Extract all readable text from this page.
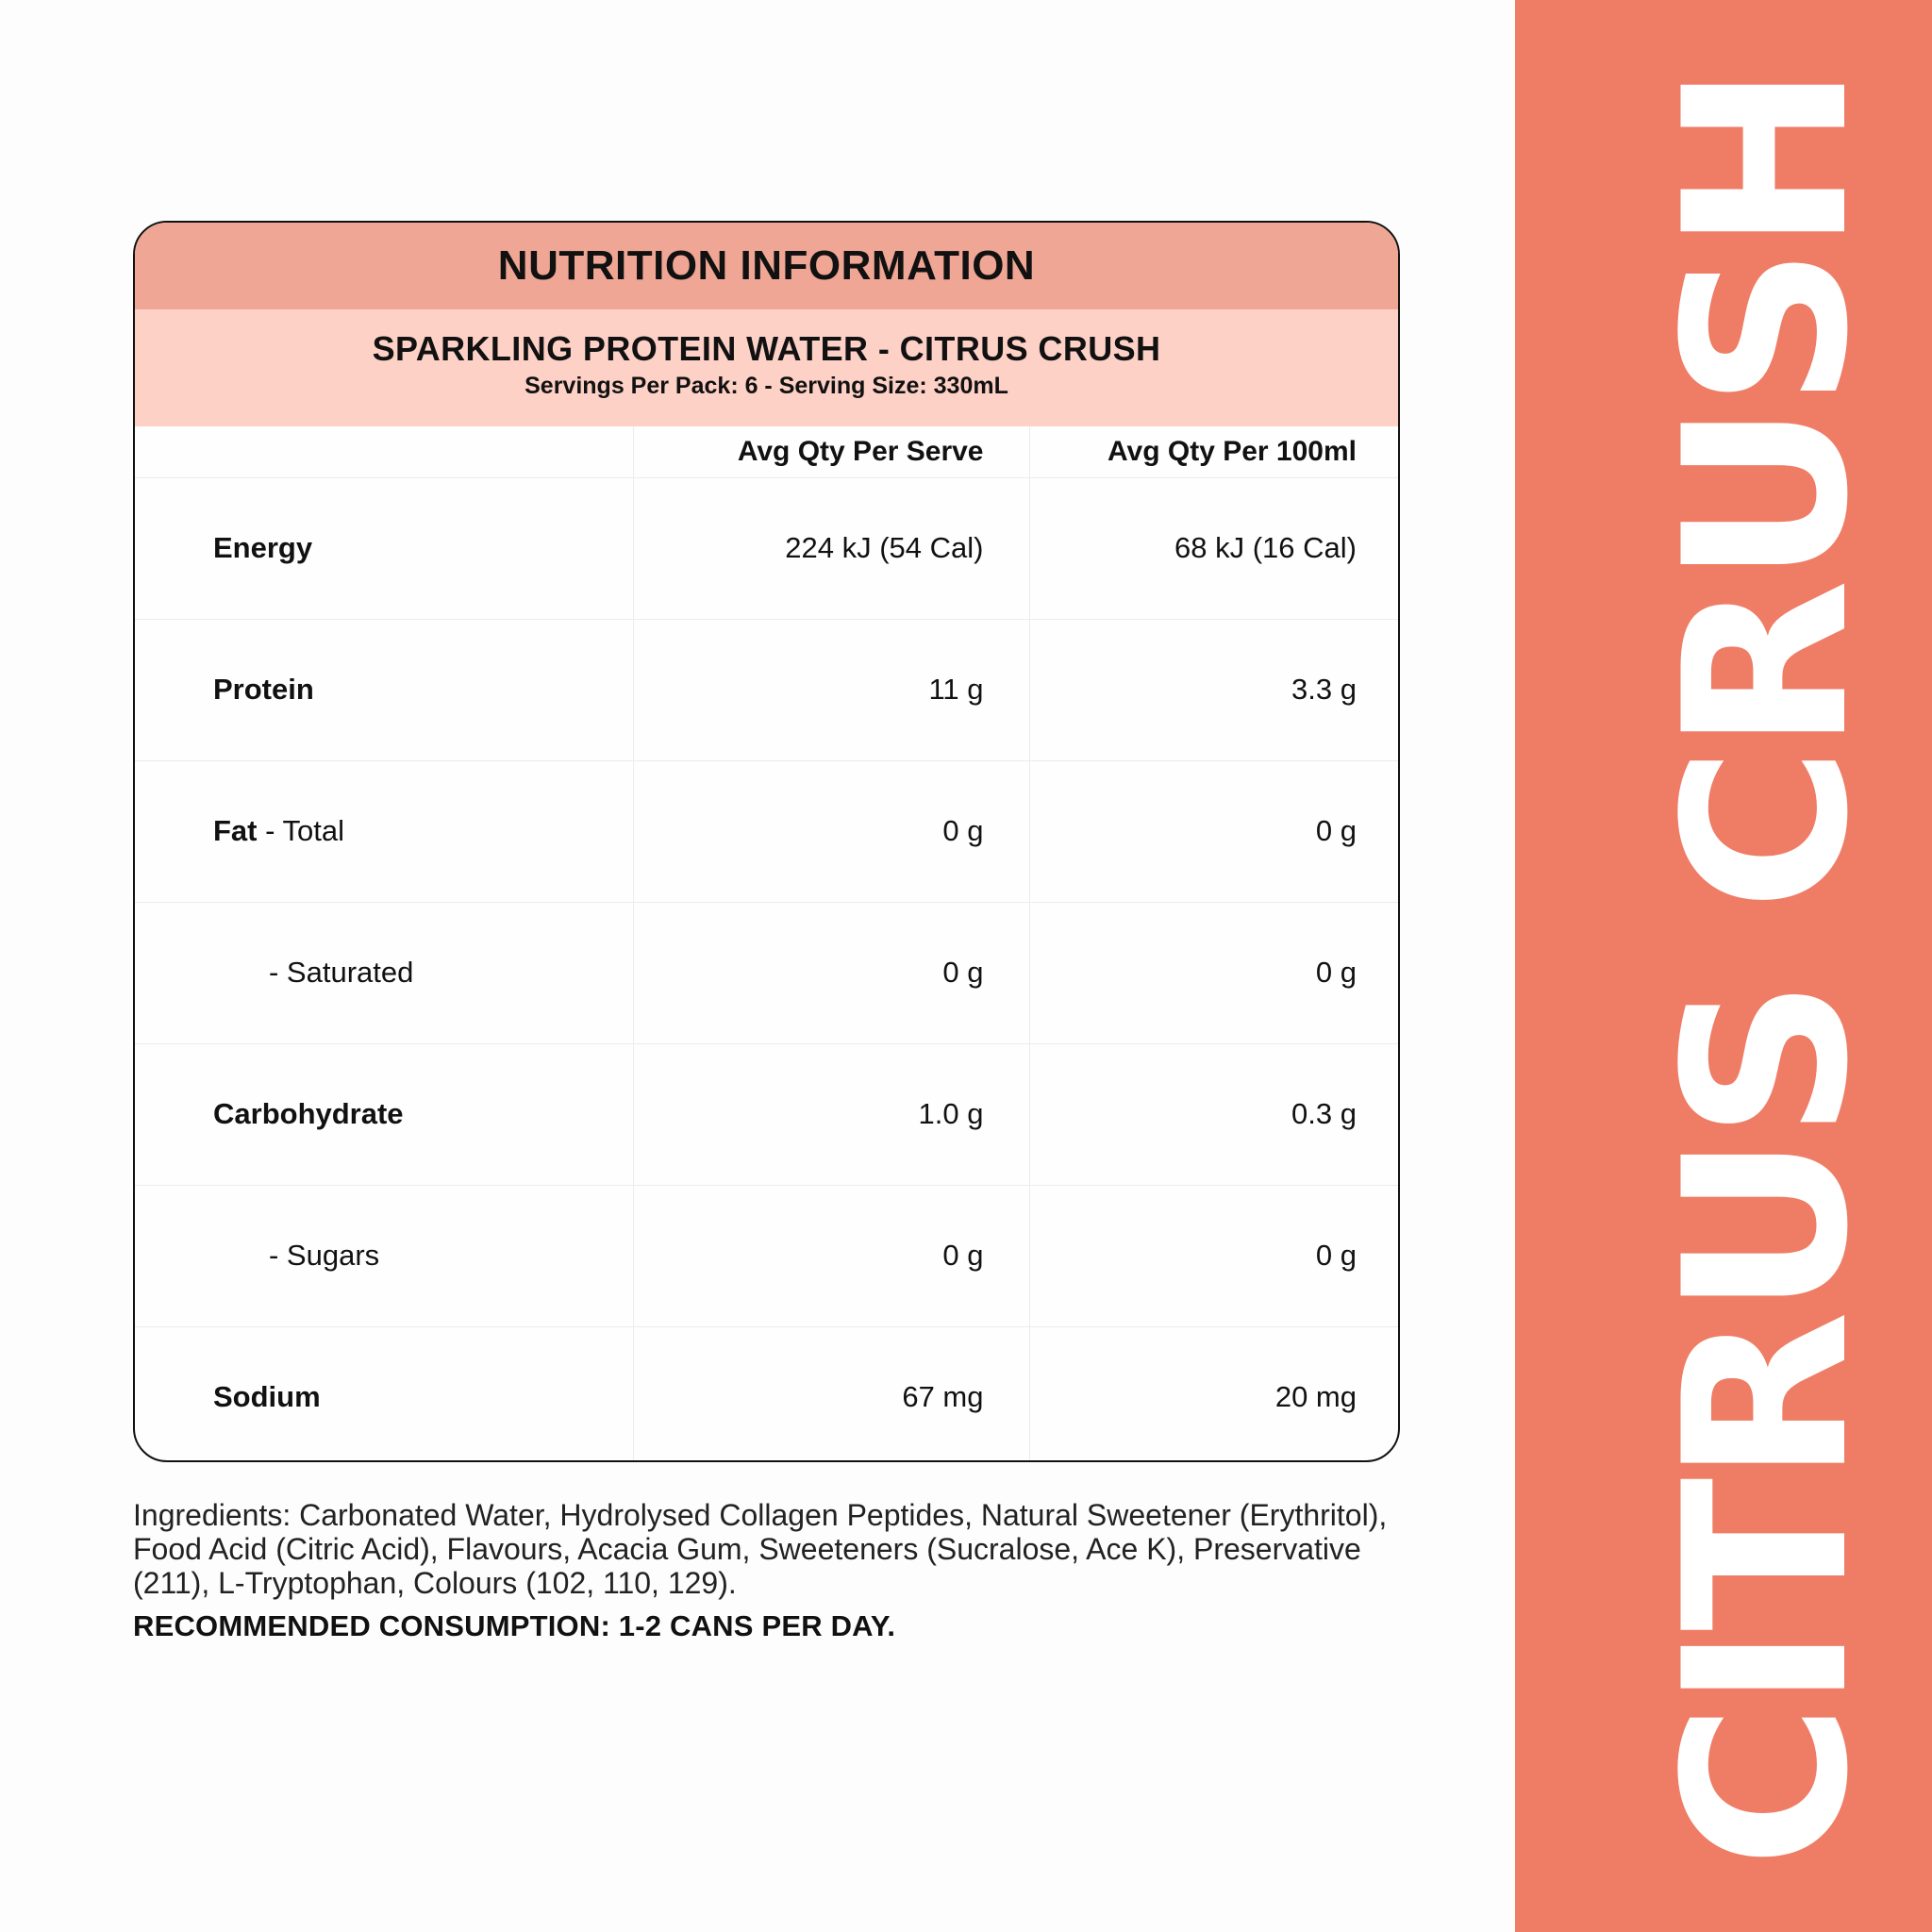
CITRUS CRUSH
NUTRITION INFORMATION
SPARKLING PROTEIN WATER - CITRUS CRUSH
Servings Per Pack: 6 - Serving Size: 330mL
	Avg Qty Per Serve	Avg Qty Per 100ml
Energy	224 kJ (54 Cal)	68 kJ (16 Cal)
Protein	11 g	3.3 g
Fat - Total	0 g	0 g
- Saturated	0 g	0 g
Carbohydrate	1.0 g	0.3 g
- Sugars	0 g	0 g
Sodium	67 mg	20 mg
Ingredients: Carbonated Water, Hydrolysed Collagen Peptides, Natural Sweetener (Erythritol), Food Acid (Citric Acid), Flavours, Acacia Gum, Sweeteners (Sucralose, Ace K), Preservative (211), L-Tryptophan, Colours (102, 110, 129).
RECOMMENDED CONSUMPTION: 1-2 CANS PER DAY.
